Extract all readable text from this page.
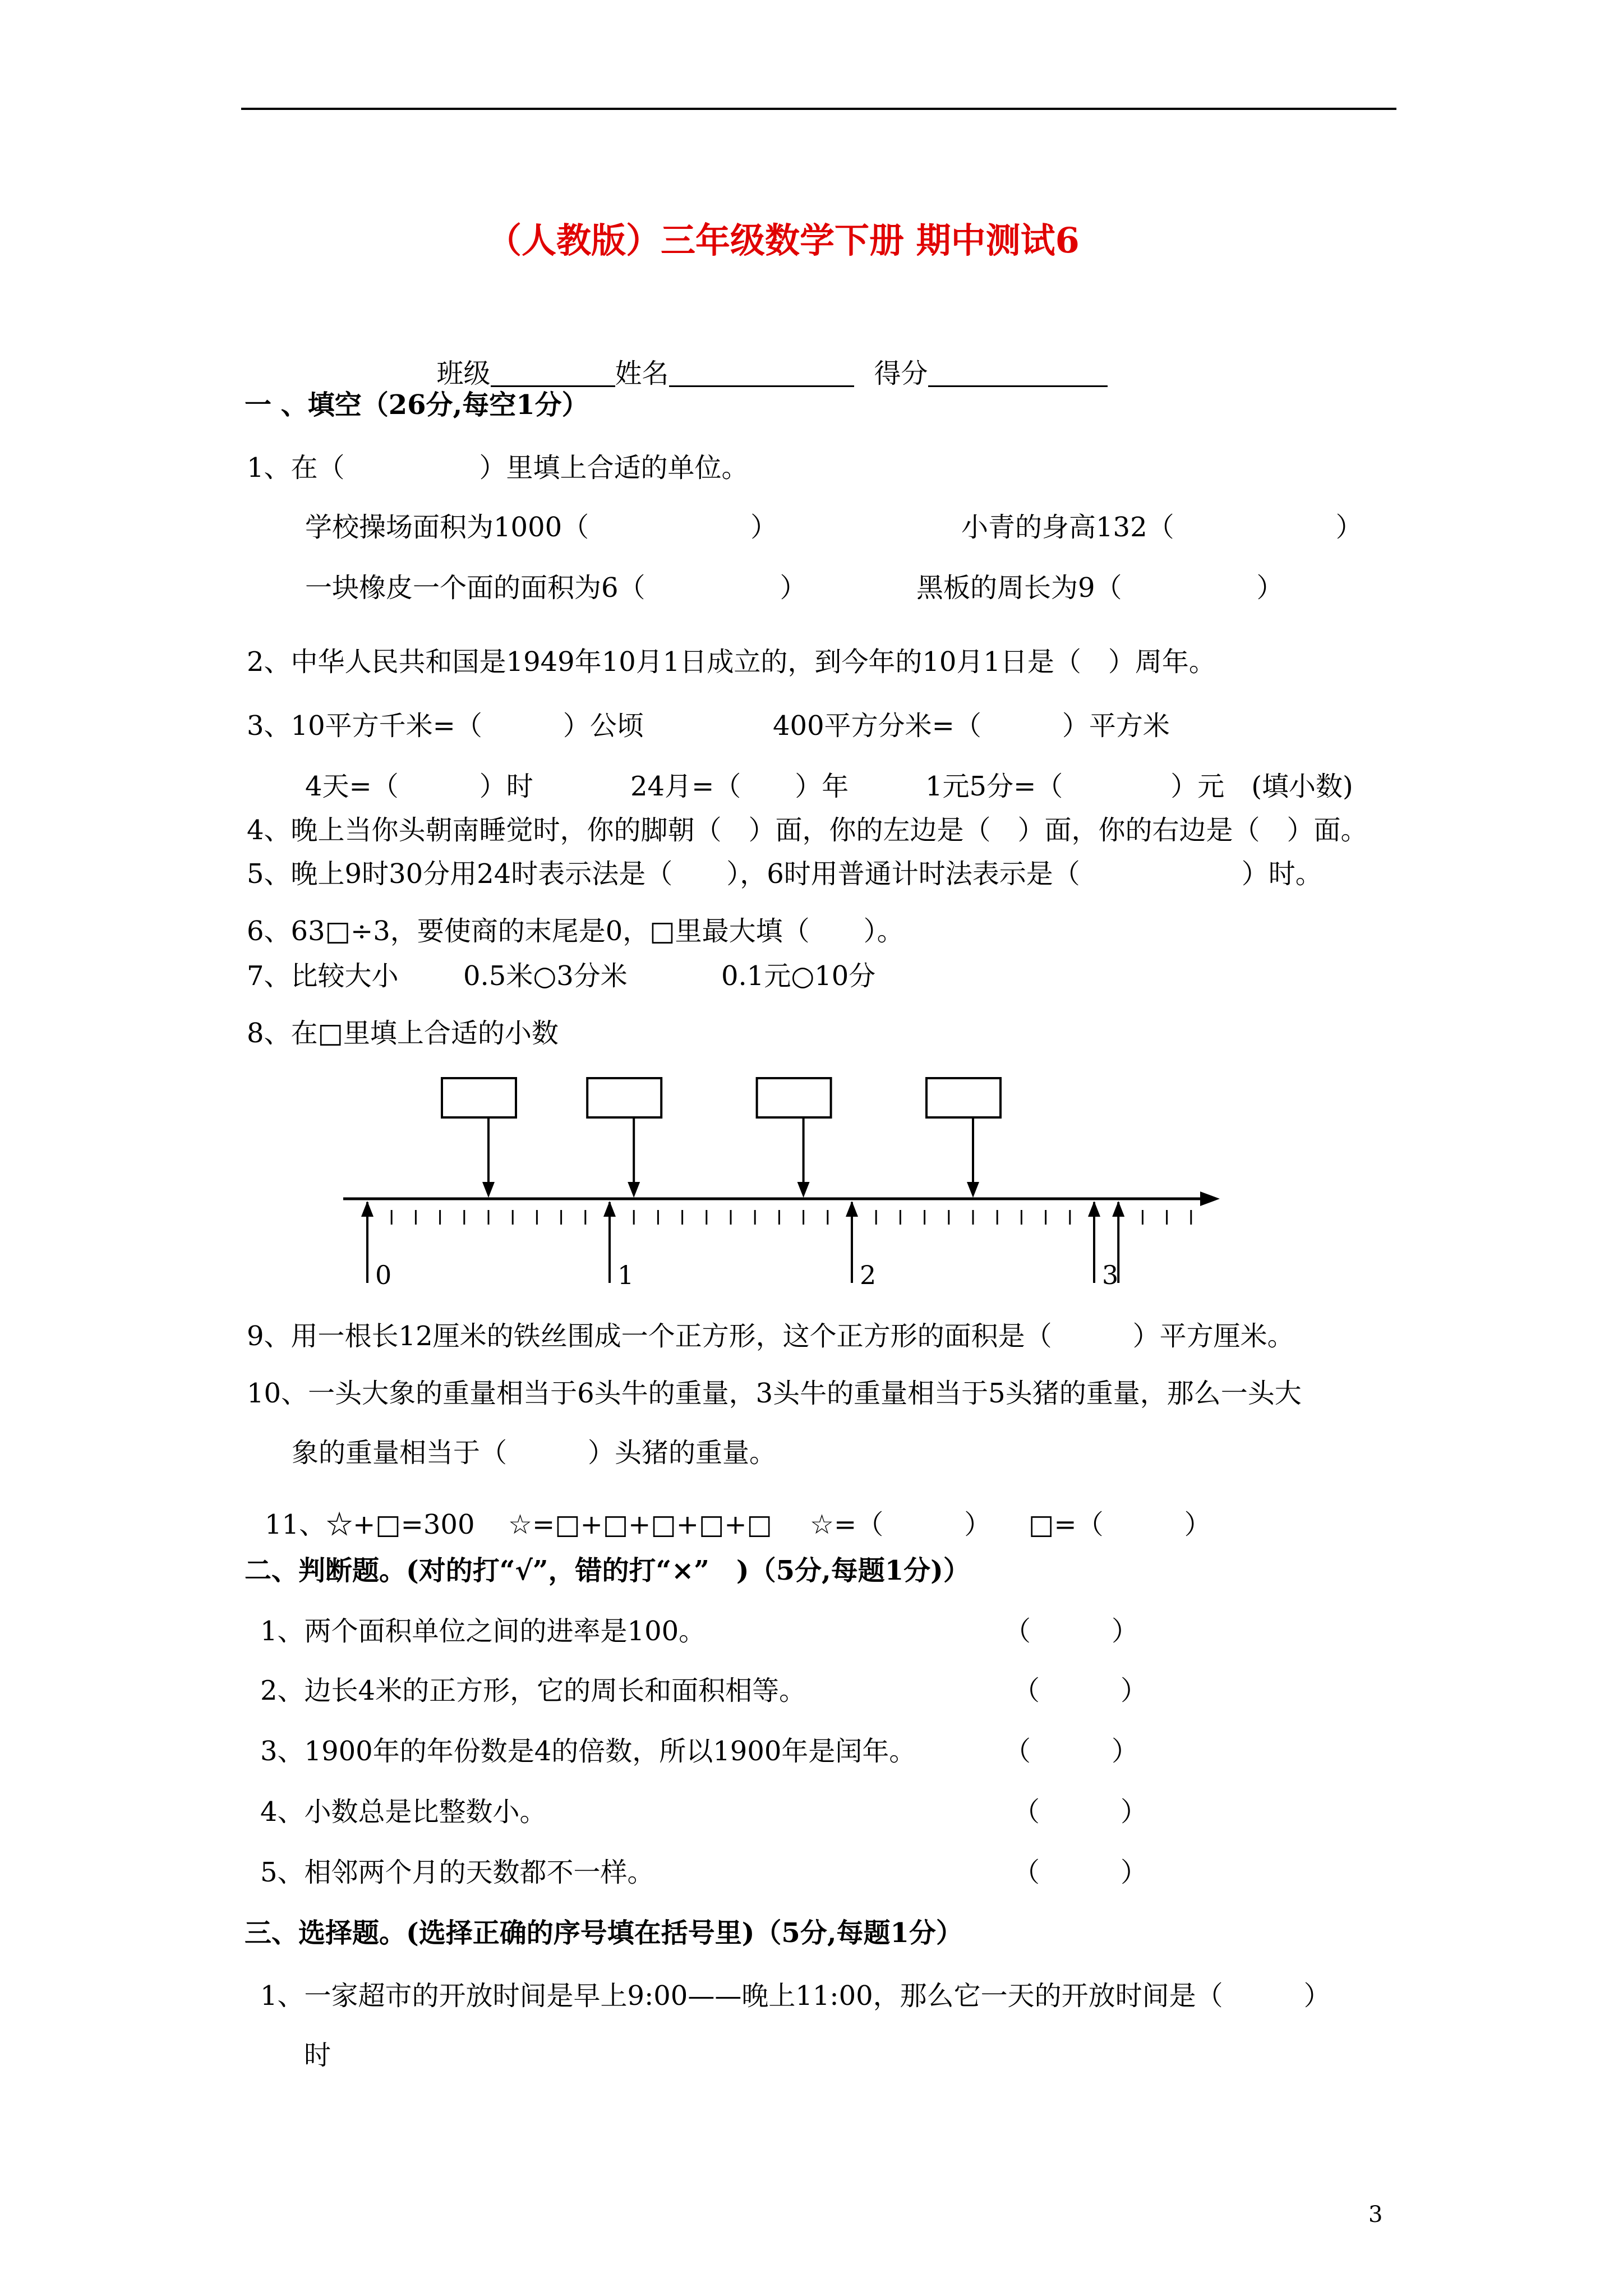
（人教版）三年级数学下册 期中测试6

班级	姓名	得分

一 、填空（26分,每空1分）
1、在（　　　　　）里填上合适的单位。
学校操场面积为1000（　　　　　　）	小青的身高132（　　　　　　）
一块橡皮一个面的面积为6（　　　　　）	黑板的周长为9（　　　　　）
2、中华人民共和国是1949年10月1日成立的，到今年的10月1日是（　）周年。
3、10平方千米=（　　　）公顷	400平方分米=（　　　）平方米
4天=（　　　）时	24月=（　　）年	1元5分=（　　　　）元　(填小数)
4、晚上当你头朝南睡觉时，你的脚朝（　）面，你的左边是（　）面，你的右边是（　）面。
5、晚上9时30分用24时表示法是（　　），6时用普通计时法表示是（　　　　　　）时。
6、63□÷3，要使商的末尾是0，□里最大填（　　）。
7、比较大小 0.5米○3分米	0.1元○10分
8、在□里填上合适的小数
0	1	2	3
9、用一根长12厘米的铁丝围成一个正方形，这个正方形的面积是（　　　）平方厘米。
10、一头大象的重量相当于6头牛的重量，3头牛的重量相当于5头猪的重量，那么一头大
象的重量相当于（　　　）头猪的重量。
11、☆+□=300 ☆=□+□+□+□+□ ☆=（　　　） □=（　　　）
二、判断题。(对的打“√”，错的打“×”　)（5分,每题1分)）
1、两个面积单位之间的进率是100。	（　　　）
2、边长4米的正方形，它的周长和面积相等。	（　　　）
3、1900年的年份数是4的倍数，所以1900年是闰年。	（　　　）
4、小数总是比整数小。	（　　　）
5、相邻两个月的天数都不一样。	（　　　）
三、选择题。(选择正确的序号填在括号里)（5分,每题1分）
1、一家超市的开放时间是早上9:00——晚上11:00，那么它一天的开放时间是（　　　）
时
3
